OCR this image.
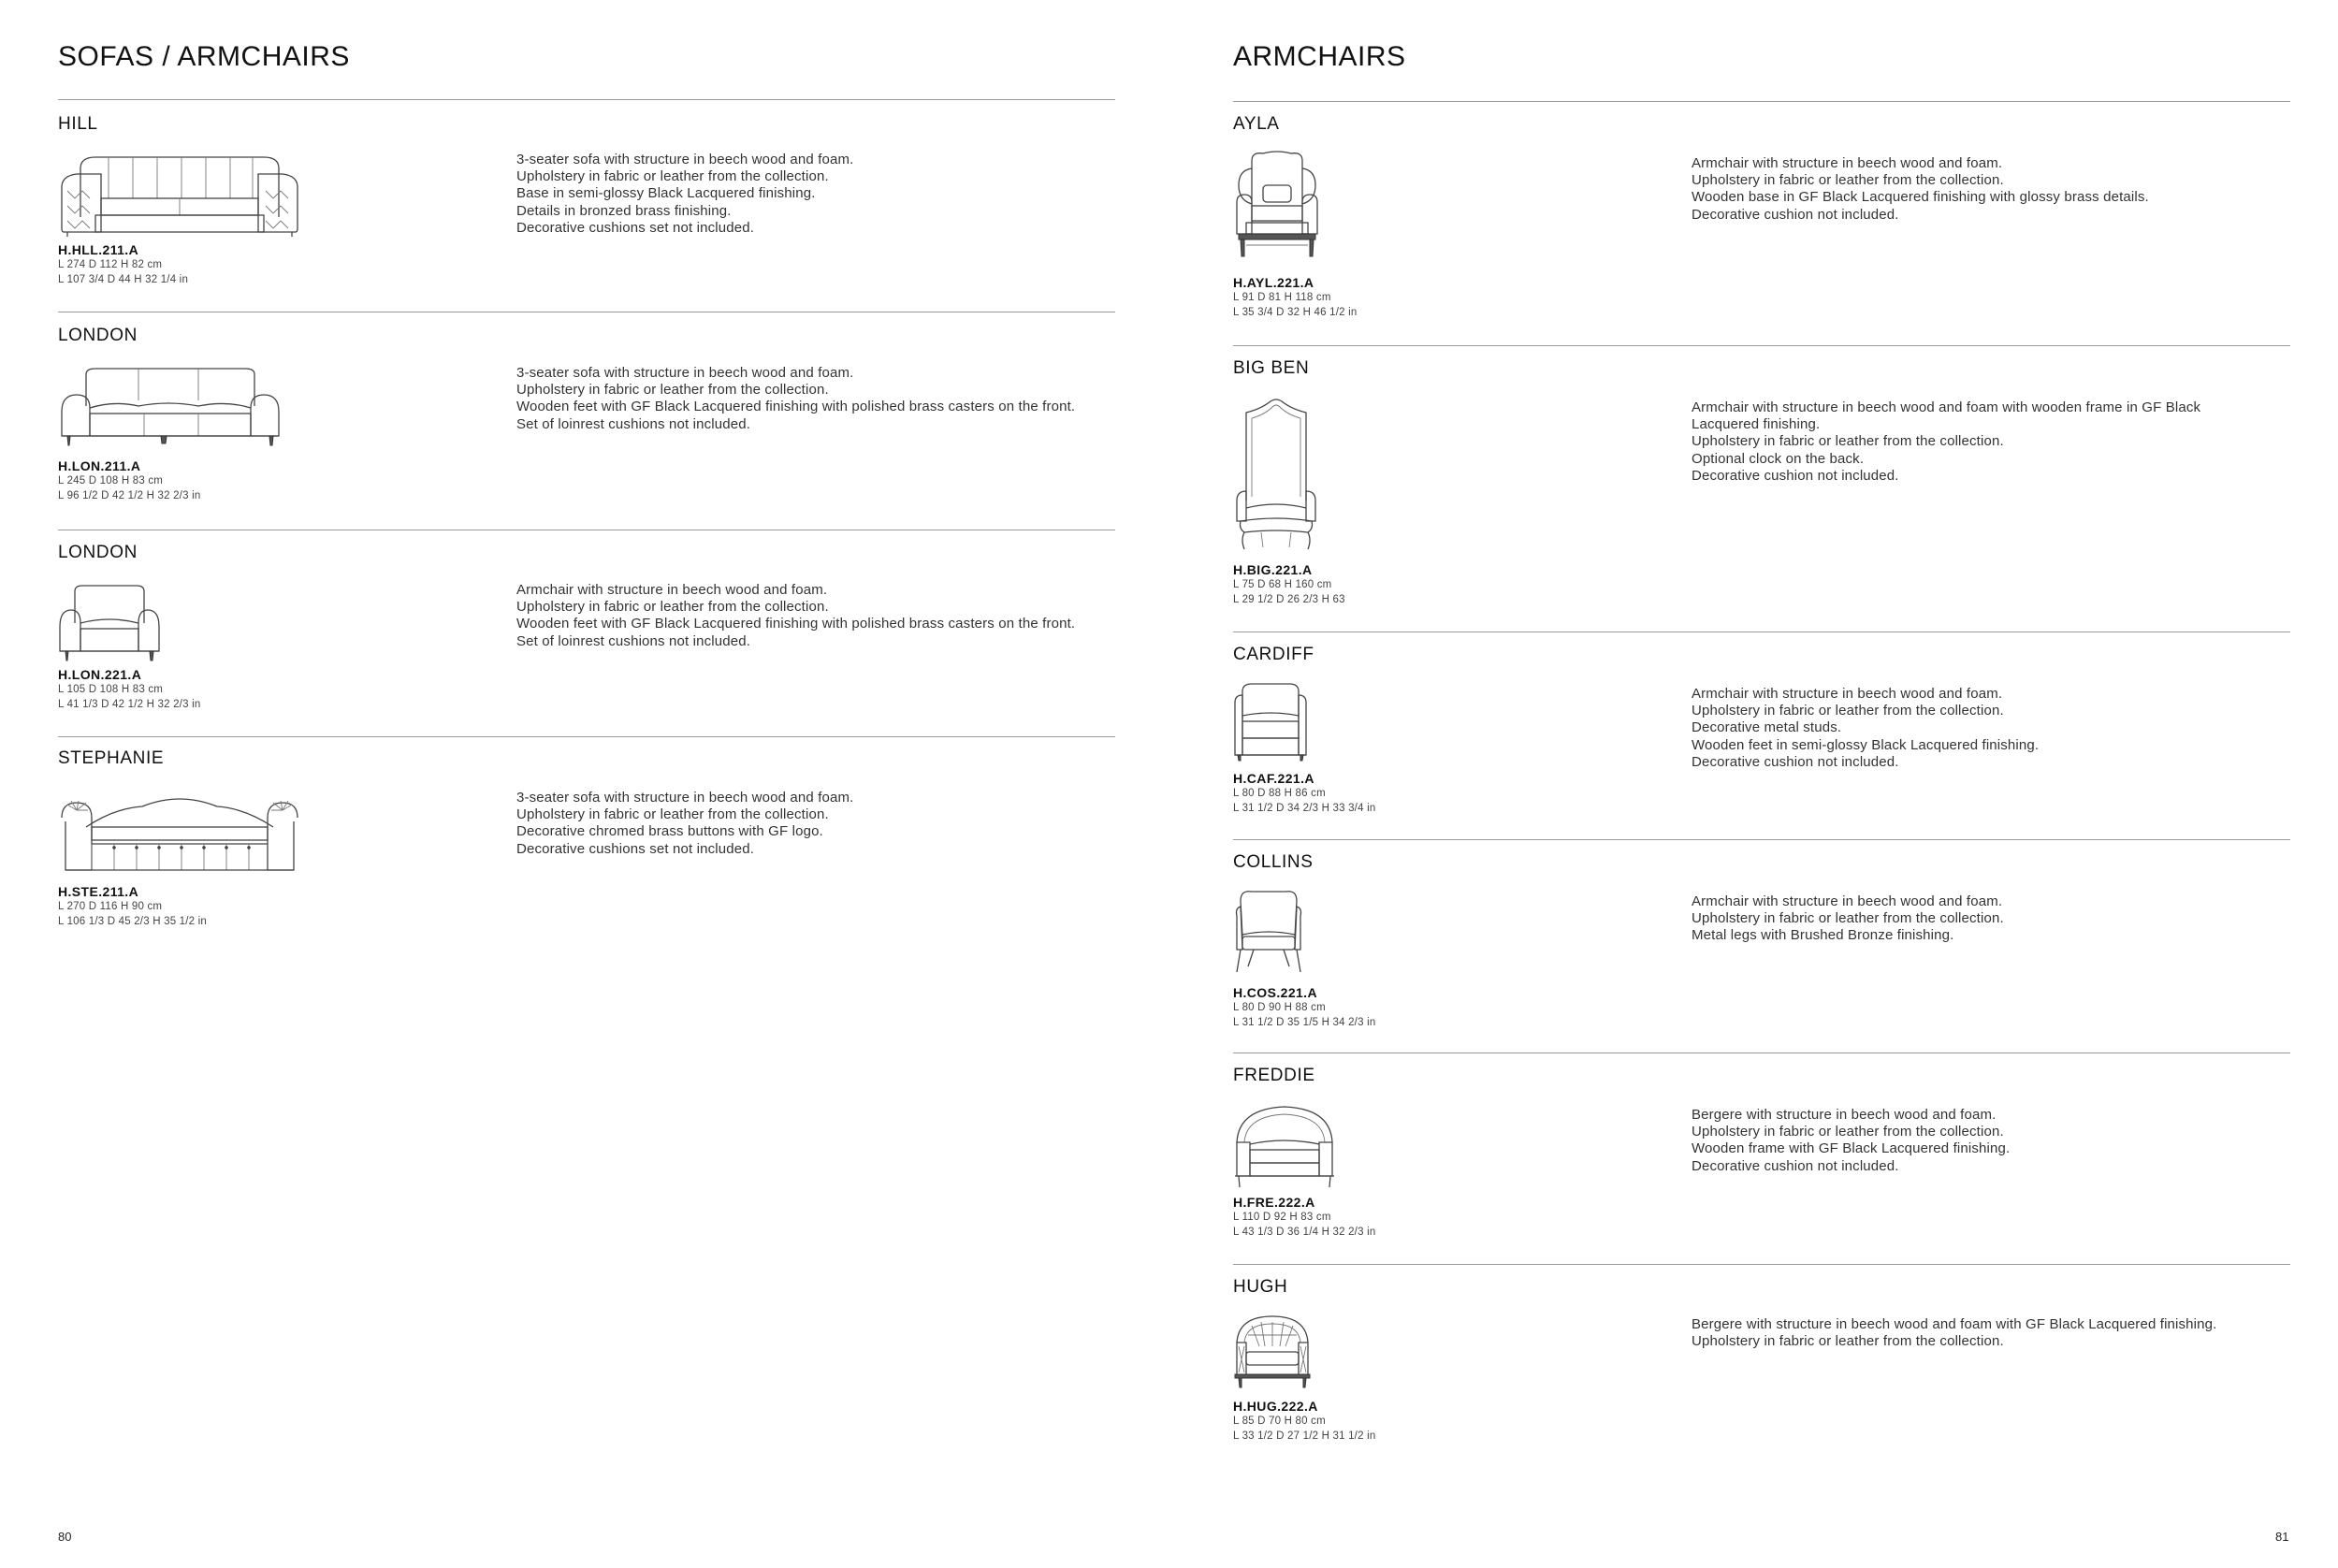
SOFAS / ARMCHAIRS
HILL
H.HLL.211.A
L 274 D 112 H 82 cm
L 107 3/4 D 44 H 32 1/4 in
3-seater sofa with structure in beech wood and foam.
Upholstery in fabric or leather from the collection.
Base in semi-glossy Black Lacquered finishing.
Details in bronzed brass finishing.
Decorative cushions set not included.
LONDON
H.LON.211.A
L 245 D 108 H 83 cm
L 96 1/2 D 42 1/2 H 32 2/3 in
3-seater sofa with structure in beech wood and foam.
Upholstery in fabric or leather from the collection.
Wooden feet with GF Black Lacquered finishing with polished brass casters on the front.
Set of loinrest cushions not included.
LONDON
H.LON.221.A
L 105 D 108 H 83 cm
L 41 1/3 D 42 1/2 H 32 2/3 in
Armchair with structure in beech wood and foam.
Upholstery in fabric or leather from the collection.
Wooden feet with GF Black Lacquered finishing with polished brass casters on the front.
Set of loinrest cushions not included.
STEPHANIE
H.STE.211.A
L 270 D 116 H 90 cm
L 106 1/3 D 45 2/3 H 35 1/2 in
3-seater sofa with structure in beech wood and foam.
Upholstery in fabric or leather from the collection.
Decorative chromed brass buttons with GF logo.
Decorative cushions set not included.
80
ARMCHAIRS
AYLA
H.AYL.221.A
L 91 D 81 H 118 cm
L 35 3/4 D 32 H 46 1/2 in
Armchair with structure in beech wood and foam.
Upholstery in fabric or leather from the collection.
Wooden base in GF Black Lacquered finishing with glossy brass details.
Decorative cushion not included.
BIG BEN
H.BIG.221.A
L 75 D 68 H 160 cm
L 29 1/2 D 26 2/3 H 63
Armchair with structure in beech wood and foam with wooden frame in GF Black
Lacquered finishing.
Upholstery in fabric or leather from the collection.
Optional clock on the back.
Decorative cushion not included.
CARDIFF
H.CAF.221.A
L 80 D 88 H 86 cm
L 31 1/2 D 34 2/3 H 33 3/4 in
Armchair with structure in beech wood and foam.
Upholstery in fabric or leather from the collection.
Decorative metal studs.
Wooden feet in semi-glossy Black Lacquered finishing.
Decorative cushion not included.
COLLINS
H.COS.221.A
L 80 D 90 H 88 cm
L 31 1/2 D 35 1/5 H 34 2/3 in
Armchair with structure in beech wood and foam.
Upholstery in fabric or leather from the collection.
Metal legs with Brushed Bronze finishing.
FREDDIE
H.FRE.222.A
L 110 D 92 H 83 cm
L 43 1/3 D 36 1/4 H 32 2/3 in
Bergere with structure in beech wood and foam.
Upholstery in fabric or leather from the collection.
Wooden frame with GF Black Lacquered finishing.
Decorative cushion not included.
HUGH
H.HUG.222.A
L 85 D 70 H 80 cm
L 33 1/2 D 27 1/2 H 31 1/2 in
Bergere with structure in beech wood and foam with GF Black Lacquered finishing.
Upholstery in fabric or leather from the collection.
81
